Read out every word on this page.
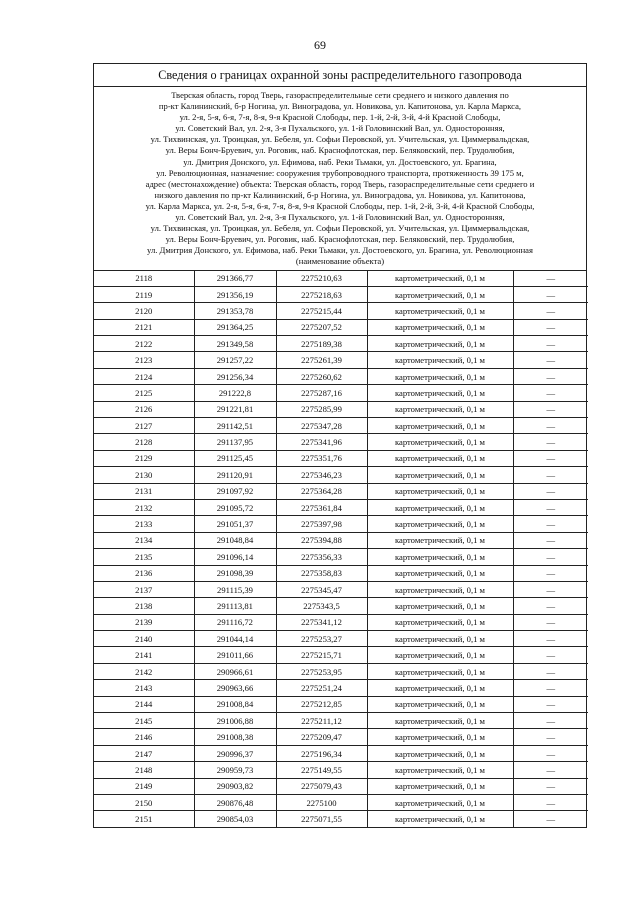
69
Сведения о границах охранной зоны распределительного газопровода
Тверская область, город Тверь, газораспределительные сети среднего и низкого давления по
пр-кт Калининский, б-р Ногина, ул. Виноградова, ул. Новикова, ул. Капитонова, ул. Карла Маркса,
ул. 2-я, 5-я, 6-я, 7-я, 8-я, 9-я Красной Слободы, пер. 1-й, 2-й, 3-й, 4-й Красной Слободы,
ул. Советский Вал, ул. 2-я, 3-я Пухальского, ул. 1-й Головинский Вал, ул. Односторонняя,
ул. Тихвинская, ул. Троицкая, ул. Бебеля, ул. Софьи Перовской, ул. Учительская, ул. Циммервальдская,
ул. Веры Бонч-Бруевич, ул. Роговик, наб. Краснофлотская, пер. Беляковский, пер. Трудолюбия,
ул. Дмитрия Донского, ул. Ефимова, наб. Реки Тьмаки, ул. Достоевского, ул. Брагина,
ул. Революционная, назначение: сооружения трубопроводного транспорта, протяженность 39 175 м,
адрес (местонахождение) объекта: Тверская область, город Тверь, газораспределительные сети среднего и
низкого давления по пр-кт Калининский, б-р Ногина, ул. Виноградова, ул. Новикова, ул. Капитонова,
ул. Карла Маркса, ул. 2-я, 5-я, 6-я, 7-я, 8-я, 9-я Красной Слободы, пер. 1-й, 2-й, 3-й, 4-й Красной Слободы,
ул. Советский Вал, ул. 2-я, 3-я Пухальского, ул. 1-й Головинский Вал, ул. Односторонняя,
ул. Тихвинская, ул. Троицкая, ул. Бебеля, ул. Софьи Перовской, ул. Учительская, ул. Циммервальдская,
ул. Веры Бонч-Бруевич, ул. Роговик, наб. Краснофлотская, пер. Беляковский, пер. Трудолюбия,
ул. Дмитрия Донского, ул. Ефимова, наб. Реки Тьмаки, ул. Достоевского, ул. Брагина, ул. Революционная
(наименование объекта)
2118	291366,77	2275210,63	картометрический, 0,1 м	—
2119	291356,19	2275218,63	картометрический, 0,1 м	—
2120	291353,78	2275215,44	картометрический, 0,1 м	—
2121	291364,25	2275207,52	картометрический, 0,1 м	—
2122	291349,58	2275189,38	картометрический, 0,1 м	—
2123	291257,22	2275261,39	картометрический, 0,1 м	—
2124	291256,34	2275260,62	картометрический, 0,1 м	—
2125	291222,8	2275287,16	картометрический, 0,1 м	—
2126	291221,81	2275285,99	картометрический, 0,1 м	—
2127	291142,51	2275347,28	картометрический, 0,1 м	—
2128	291137,95	2275341,96	картометрический, 0,1 м	—
2129	291125,45	2275351,76	картометрический, 0,1 м	—
2130	291120,91	2275346,23	картометрический, 0,1 м	—
2131	291097,92	2275364,28	картометрический, 0,1 м	—
2132	291095,72	2275361,84	картометрический, 0,1 м	—
2133	291051,37	2275397,98	картометрический, 0,1 м	—
2134	291048,84	2275394,88	картометрический, 0,1 м	—
2135	291096,14	2275356,33	картометрический, 0,1 м	—
2136	291098,39	2275358,83	картометрический, 0,1 м	—
2137	291115,39	2275345,47	картометрический, 0,1 м	—
2138	291113,81	2275343,5	картометрический, 0,1 м	—
2139	291116,72	2275341,12	картометрический, 0,1 м	—
2140	291044,14	2275253,27	картометрический, 0,1 м	—
2141	291011,66	2275215,71	картометрический, 0,1 м	—
2142	290966,61	2275253,95	картометрический, 0,1 м	—
2143	290963,66	2275251,24	картометрический, 0,1 м	—
2144	291008,84	2275212,85	картометрический, 0,1 м	—
2145	291006,88	2275211,12	картометрический, 0,1 м	—
2146	291008,38	2275209,47	картометрический, 0,1 м	—
2147	290996,37	2275196,34	картометрический, 0,1 м	—
2148	290959,73	2275149,55	картометрический, 0,1 м	—
2149	290903,82	2275079,43	картометрический, 0,1 м	—
2150	290876,48	2275100	картометрический, 0,1 м	—
2151	290854,03	2275071,55	картометрический, 0,1 м	—
